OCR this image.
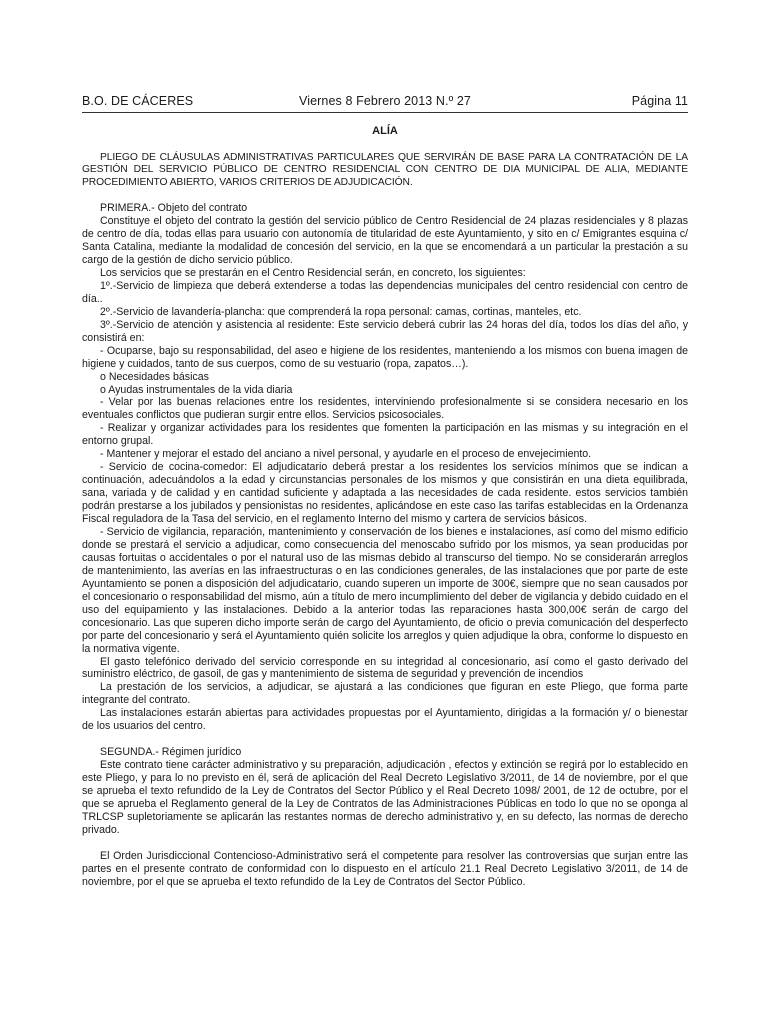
B.O. DE CÁCERES	Viernes 8 Febrero 2013 N.º 27	Página 11
ALÍA

PLIEGO DE CLÁUSULAS ADMINISTRATIVAS PARTICULARES QUE SERVIRÁN DE BASE PARA LA CONTRATACIÓN DE LA GESTIÓN DEL SERVICIO PÚBLICO DE CENTRO RESIDENCIAL CON CENTRO DE DIA MUNICIPAL DE ALIA, MEDIANTE PROCEDIMIENTO ABIERTO, VARIOS CRITERIOS DE ADJUDICACIÓN.

PRIMERA.- Objeto del contrato

Constituye el objeto del contrato la gestión del servicio público de Centro Residencial de 24 plazas residenciales y 8 plazas de centro de día, todas ellas para usuario con autonomía de titularidad de este Ayuntamiento, y sito en c/ Emigrantes esquina c/ Santa Catalina, mediante la modalidad de concesión del servicio, en la que se encomendará a un particular la prestación a su cargo de la gestión de dicho servicio público.

Los servicios que se prestarán en el Centro Residencial serán, en concreto, los siguientes:

1º.-Servicio de limpieza que deberá extenderse a todas las dependencias municipales del centro residencial con centro de día..

2º.-Servicio de lavandería-plancha: que comprenderá la ropa personal: camas, cortinas, manteles, etc.

3º.-Servicio de atención y asistencia al residente: Este servicio deberá cubrir las 24 horas del día, todos los días del año, y consistirá en:

- Ocuparse, bajo su responsabilidad, del aseo e higiene de los residentes, manteniendo a los mismos con buena imagen de higiene y cuidados, tanto de sus cuerpos, como de su vestuario (ropa, zapatos…).

o Necesidades básicas

o Ayudas instrumentales de la vida diaria

- Velar por las buenas relaciones entre los residentes, interviniendo profesionalmente si se considera necesario en los eventuales conflictos que pudieran surgir entre ellos. Servicios psicosociales.

- Realizar y organizar actividades para los residentes que fomenten la participación en las mismas y su integración en el entorno grupal.

- Mantener y mejorar el estado del anciano a nivel personal, y ayudarle en el proceso de envejecimiento.

- Servicio de cocina-comedor: El adjudicatario deberá prestar a los residentes los servicios mínimos que se indican a continuación, adecuándolos a la edad y circunstancias personales de los mismos y que consistirán en una dieta equilibrada, sana, variada y de calidad y en cantidad suficiente y adaptada a las necesidades de cada residente. estos servicios también podrán prestarse a los jubilados y pensionistas no residentes, aplicándose en este caso las tarifas establecidas en la Ordenanza Fiscal reguladora de la Tasa del servicio, en el reglamento Interno del mismo y cartera de servicios básicos.

- Servicio de vigilancia, reparación, mantenimiento y conservación de los bienes e instalaciones, así como del mismo edificio donde se prestará el servicio a adjudicar, como consecuencia del menoscabo sufrido por los mismos, ya sean producidas por causas fortuitas o accidentales o por el natural uso de las mismas debido al transcurso del tiempo. No se considerarán arreglos de mantenimiento, las averías en las infraestructuras o en las condiciones generales, de las instalaciones que por parte de este Ayuntamiento se ponen a disposición del adjudicatario, cuando superen un importe de 300€, siempre que no sean causados por el concesionario o responsabilidad del mismo, aún a título de mero incumplimiento del deber de vigilancia y debido cuidado en el uso del equipamiento y las instalaciones. Debido a la anterior todas las reparaciones hasta 300,00€ serán de cargo del concesionario. Las que superen dicho importe serán de cargo del Ayuntamiento, de oficio o previa comunicación del desperfecto por parte del concesionario y será el Ayuntamiento quién solicite los arreglos y quien adjudique la obra, conforme lo dispuesto en la normativa vigente.

El gasto telefónico derivado del servicio corresponde en su integridad al concesionario, así como el gasto derivado del suministro eléctrico, de gasoil, de gas y mantenimiento de sistema de seguridad y prevención de incendios

La prestación de los servicios, a adjudicar, se ajustará a las condiciones que figuran en este Pliego, que forma parte integrante del contrato.

Las instalaciones estarán abiertas para actividades propuestas por el Ayuntamiento, dirigidas a la formación y/ o bienestar de los usuarios del centro.

SEGUNDA.- Régimen jurídico

Este contrato tiene carácter administrativo y su preparación, adjudicación , efectos y extinción se regirá por lo establecido en este Pliego, y para lo no previsto en él, será de aplicación del Real Decreto Legislativo 3/2011, de 14 de noviembre, por el que se aprueba el texto refundido de la Ley de Contratos del Sector Público y el Real Decreto 1098/ 2001, de 12 de octubre, por el que se aprueba el Reglamento general de la Ley de Contratos de las Administraciones Públicas en todo lo que no se oponga al TRLCSP supletoriamente se aplicarán las restantes normas de derecho administrativo y, en su defecto, las normas de derecho privado.

El Orden Jurisdiccional Contencioso-Administrativo será el competente para resolver las controversias que surjan entre las partes en el presente contrato de conformidad con lo dispuesto en el artículo 21.1 Real Decreto Legislativo 3/2011, de 14 de noviembre, por el que se aprueba el texto refundido de la Ley de Contratos del Sector Público.
